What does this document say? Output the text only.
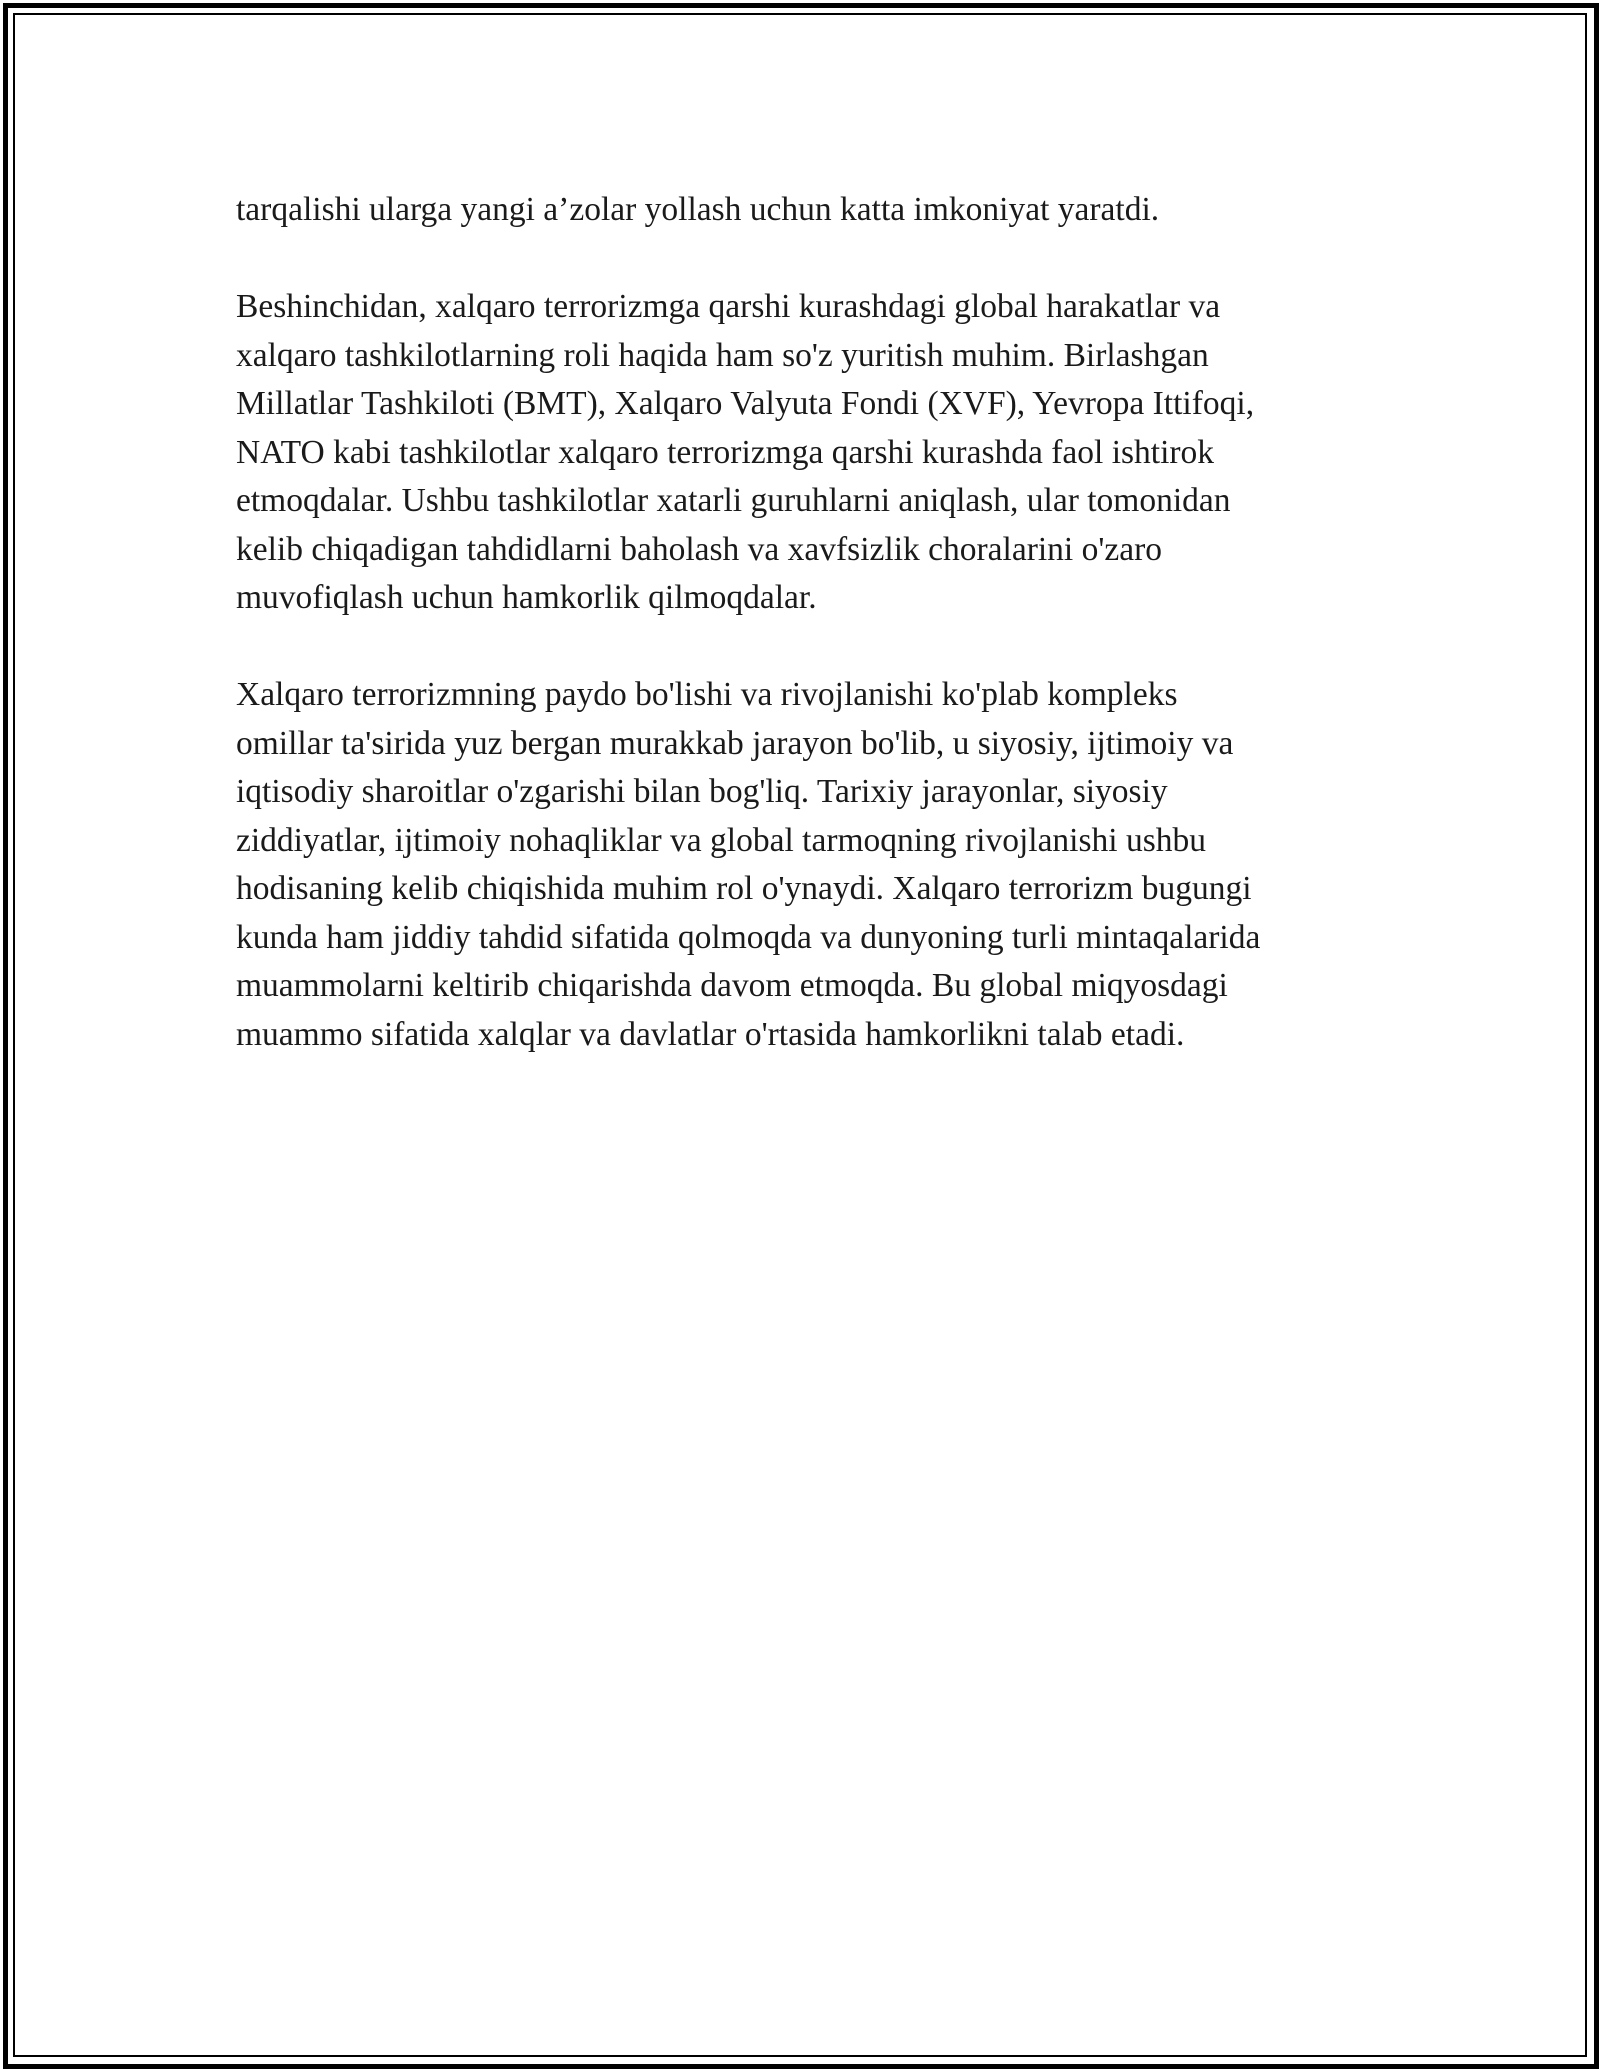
tarqalishi ularga yangi a’zolar yollash uchun katta imkoniyat yaratdi.

Beshinchidan, xalqaro terrorizmga qarshi kurashdagi global harakatlar va
xalqaro tashkilotlarning roli haqida ham so'z yuritish muhim. Birlashgan
Millatlar Tashkiloti (BMT), Xalqaro Valyuta Fondi (XVF), Yevropa Ittifoqi,
NATO kabi tashkilotlar xalqaro terrorizmga qarshi kurashda faol ishtirok
etmoqdalar. Ushbu tashkilotlar xatarli guruhlarni aniqlash, ular tomonidan
kelib chiqadigan tahdidlarni baholash va xavfsizlik choralarini o'zaro
muvofiqlash uchun hamkorlik qilmoqdalar.

Xalqaro terrorizmning paydo bo'lishi va rivojlanishi ko'plab kompleks
omillar ta'sirida yuz bergan murakkab jarayon bo'lib, u siyosiy, ijtimoiy va
iqtisodiy sharoitlar o'zgarishi bilan bog'liq. Tarixiy jarayonlar, siyosiy
ziddiyatlar, ijtimoiy nohaqliklar va global tarmoqning rivojlanishi ushbu
hodisaning kelib chiqishida muhim rol o'ynaydi. Xalqaro terrorizm bugungi
kunda ham jiddiy tahdid sifatida qolmoqda va dunyoning turli mintaqalarida
muammolarni keltirib chiqarishda davom etmoqda. Bu global miqyosdagi
muammo sifatida xalqlar va davlatlar o'rtasida hamkorlikni talab etadi.
